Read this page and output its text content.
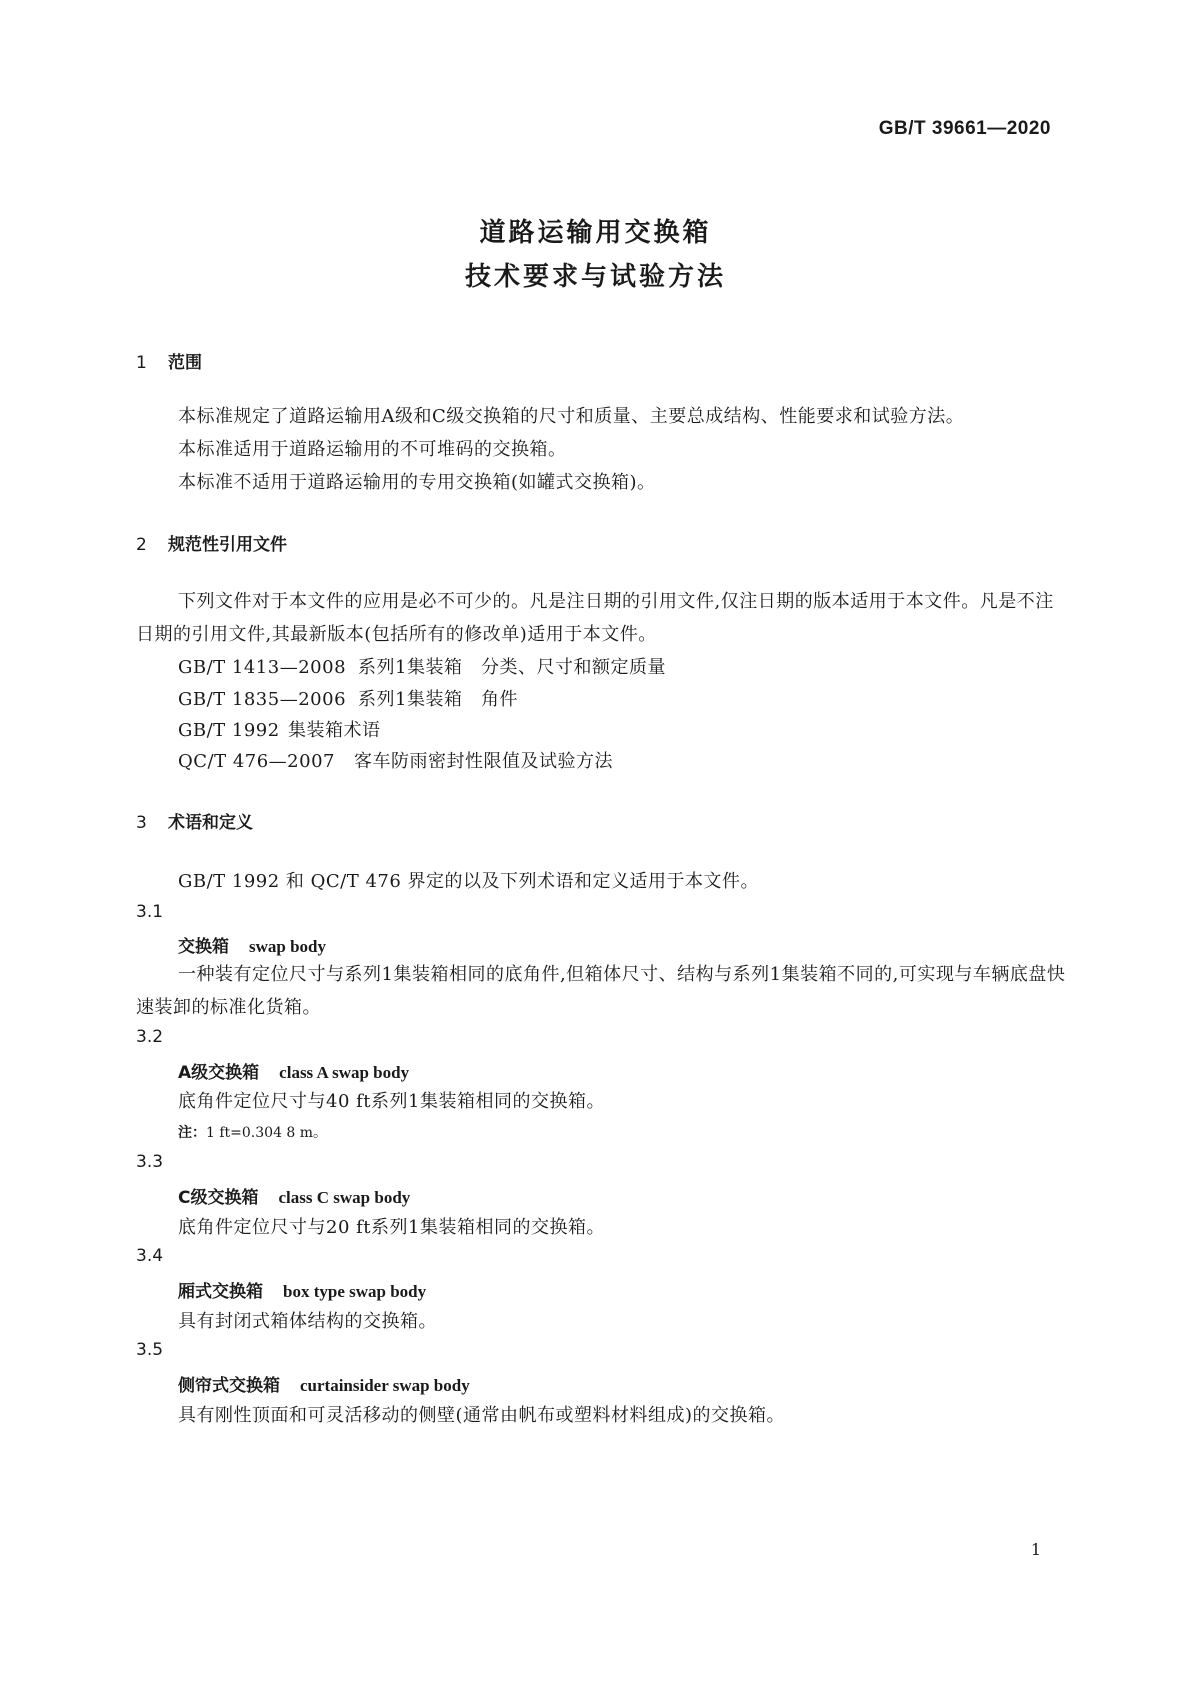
GB/T 39661—2020
道路运输用交换箱
技术要求与试验方法
1 范围
本标准规定了道路运输用A级和C级交换箱的尺寸和质量、主要总成结构、性能要求和试验方法。
本标准适用于道路运输用的不可堆码的交换箱。
本标准不适用于道路运输用的专用交换箱(如罐式交换箱)。
2 规范性引用文件
下列文件对于本文件的应用是必不可少的。凡是注日期的引用文件,仅注日期的版本适用于本文件。凡是不注日期的引用文件,其最新版本(包括所有的修改单)适用于本文件。
GB/T 1413—2008 系列1集装箱　分类、尺寸和额定质量
GB/T 1835—2006 系列1集装箱　角件
GB/T 1992 集装箱术语
QC/T 476—2007 客车防雨密封性限值及试验方法
3 术语和定义
GB/T 1992 和 QC/T 476 界定的以及下列术语和定义适用于本文件。
3.1
交换箱 swap body
一种装有定位尺寸与系列1集装箱相同的底角件,但箱体尺寸、结构与系列1集装箱不同的,可实现与车辆底盘快速装卸的标准化货箱。
3.2
A级交换箱 class A swap body
底角件定位尺寸与40 ft系列1集装箱相同的交换箱。
注：1 ft=0.304 8 m。
3.3
C级交换箱 class C swap body
底角件定位尺寸与20 ft系列1集装箱相同的交换箱。
3.4
厢式交换箱 box type swap body
具有封闭式箱体结构的交换箱。
3.5
侧帘式交换箱 curtainsider swap body
具有刚性顶面和可灵活移动的侧壁(通常由帆布或塑料材料组成)的交换箱。
1
